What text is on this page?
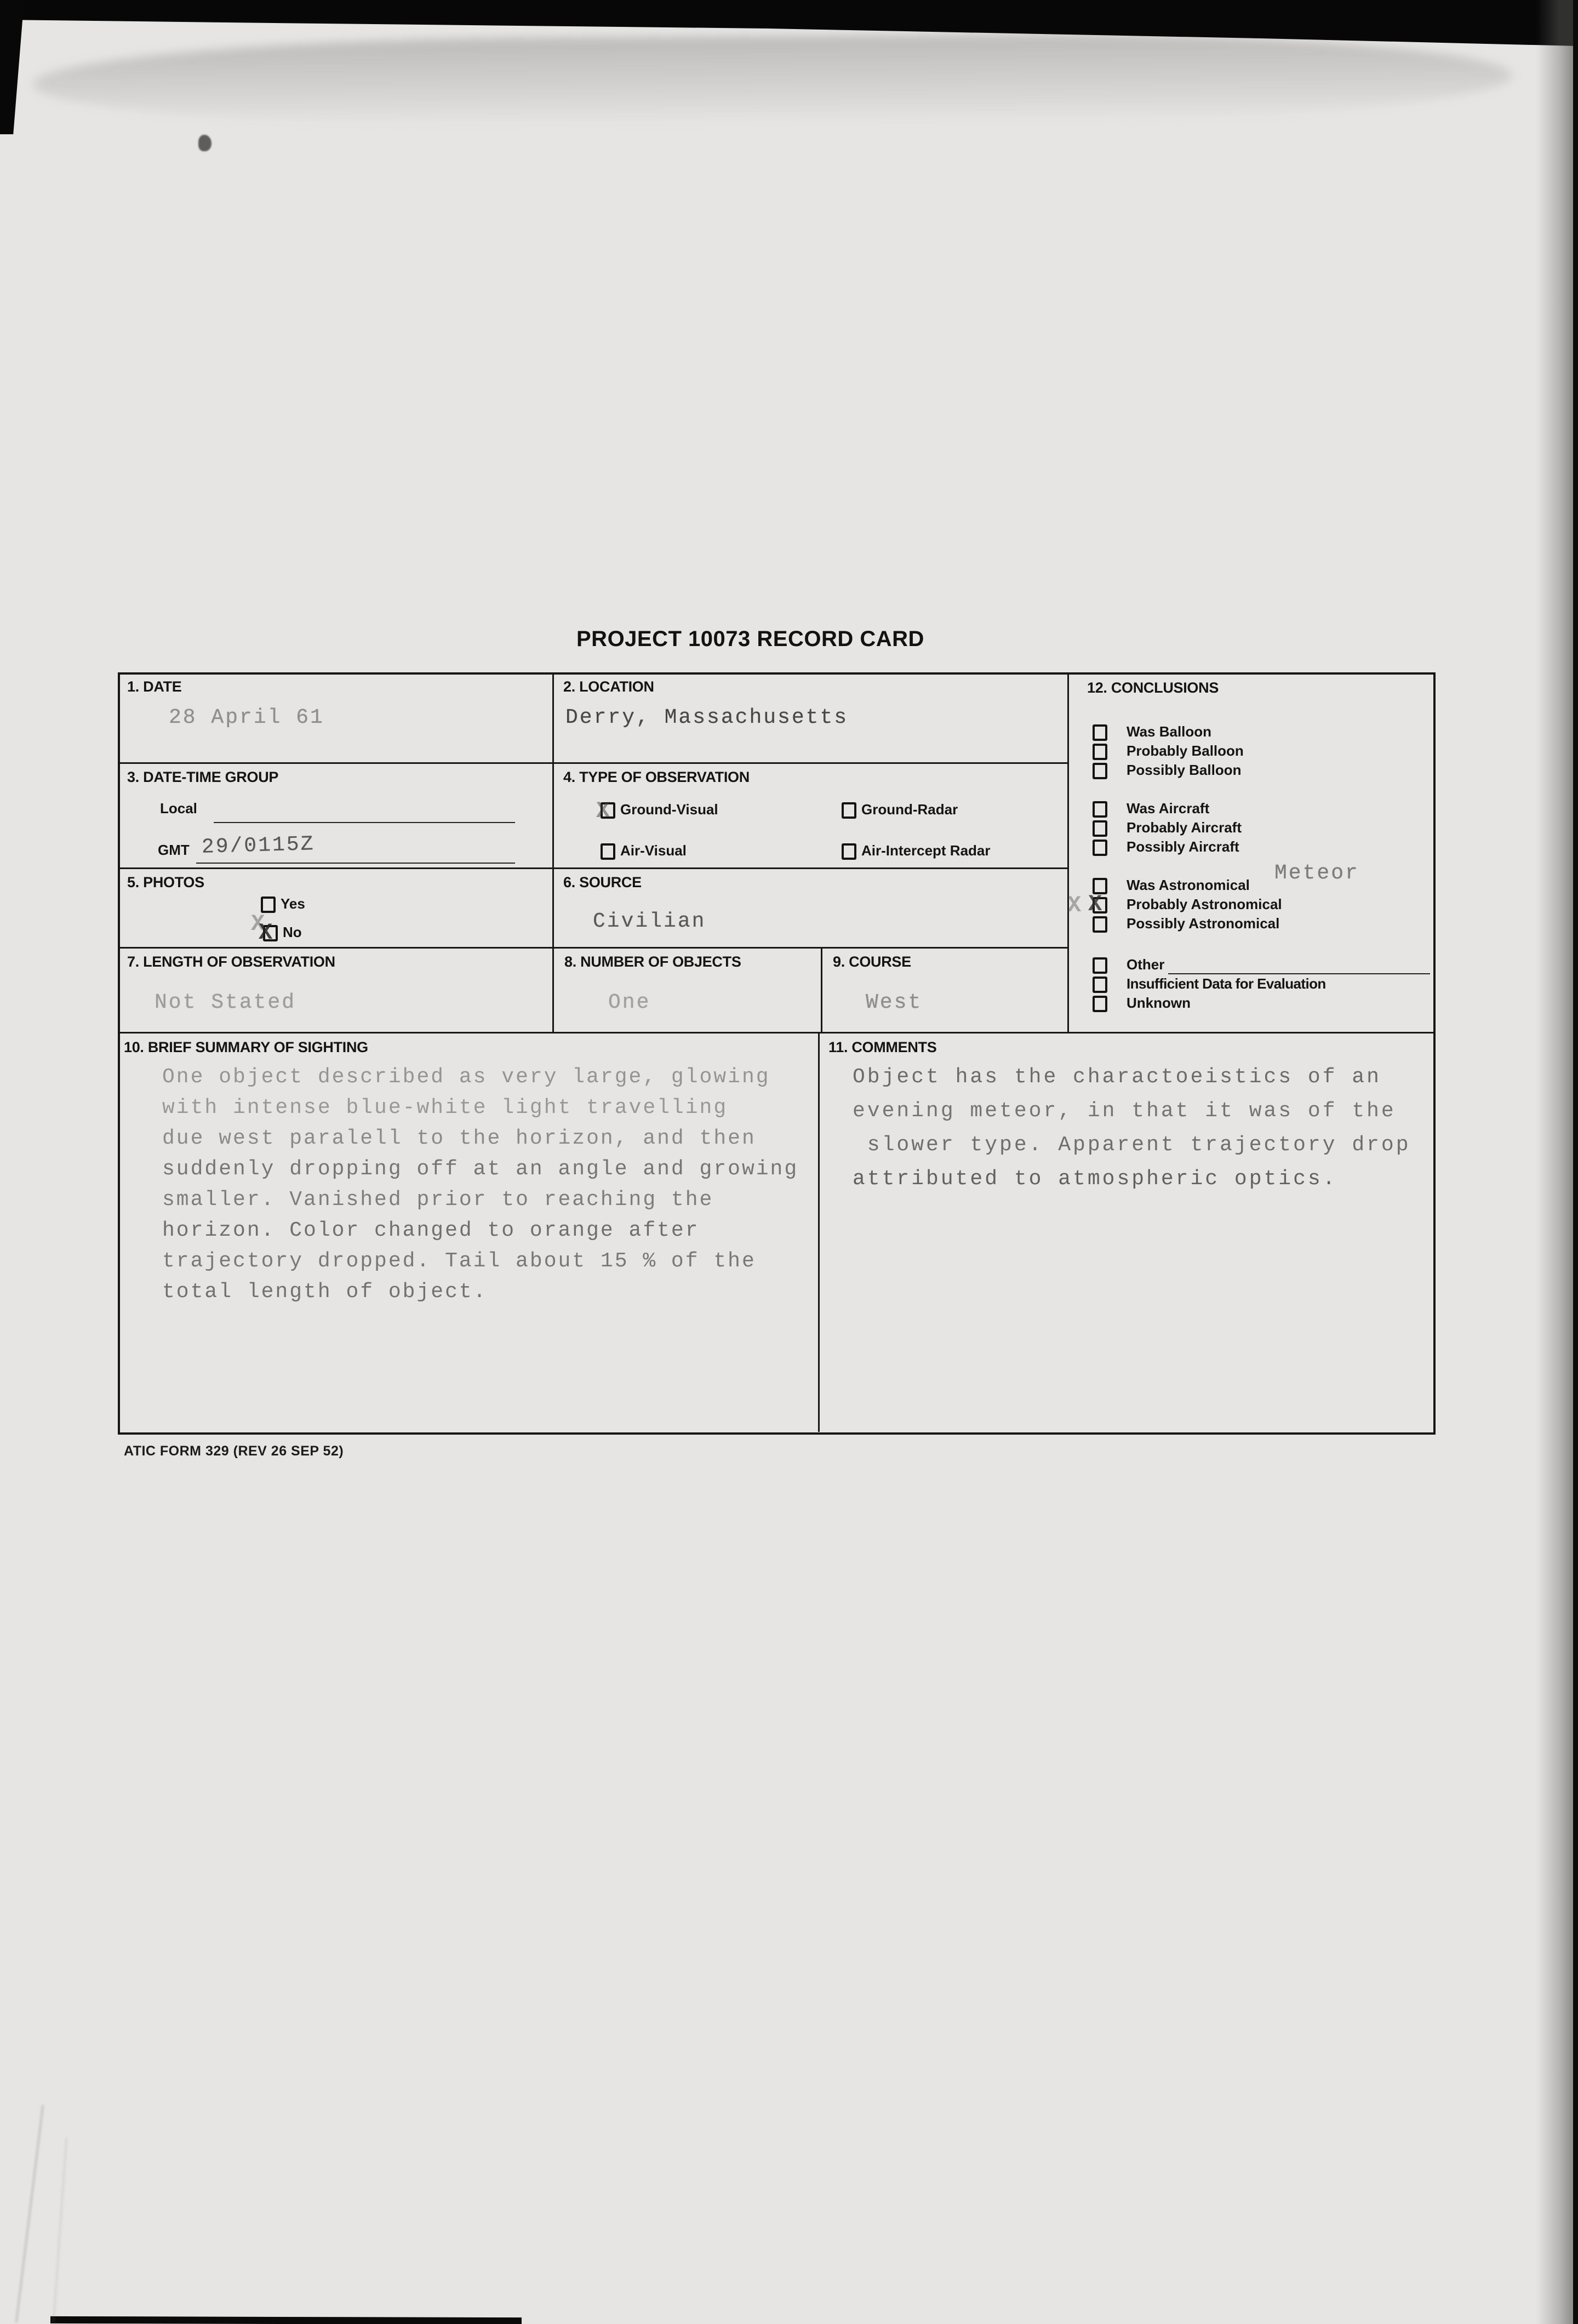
PROJECT 10073 RECORD CARD
1. DATE
28 April 61
2. LOCATION
Derry, Massachusetts
3. DATE-TIME GROUP
Local
GMT 29/0115Z
4. TYPE OF OBSERVATION
X Ground-Visual	Ground-Radar
Air-Visual	Air-Intercept Radar
5. PHOTOS
Yes
X
X No
6. SOURCE
Civilian
7. LENGTH OF OBSERVATION
Not Stated
8. NUMBER OF OBJECTS
One
9. COURSE
West
12. CONCLUSIONS
Was Balloon
Probably Balloon
Possibly Balloon
Was Aircraft
Probably Aircraft
Possibly Aircraft
Was Astronomical Meteor
X X Probably Astronomical
Possibly Astronomical
Other
Insufficient Data for Evaluation
Unknown
10. BRIEF SUMMARY OF SIGHTING
One object described as very large, glowing
with intense blue-white light travelling
due west paralell to the horizon, and then
suddenly dropping off at an angle and growing
smaller. Vanished prior to reaching the
horizon. Color changed to orange after
trajectory dropped. Tail about 15 % of the
total length of object.
11. COMMENTS
Object has the charactoeistics of an
evening meteor, in that it was of the
slower type. Apparent trajectory drop
attributed to atmospheric optics.
ATIC FORM 329 (REV 26 SEP 52)
